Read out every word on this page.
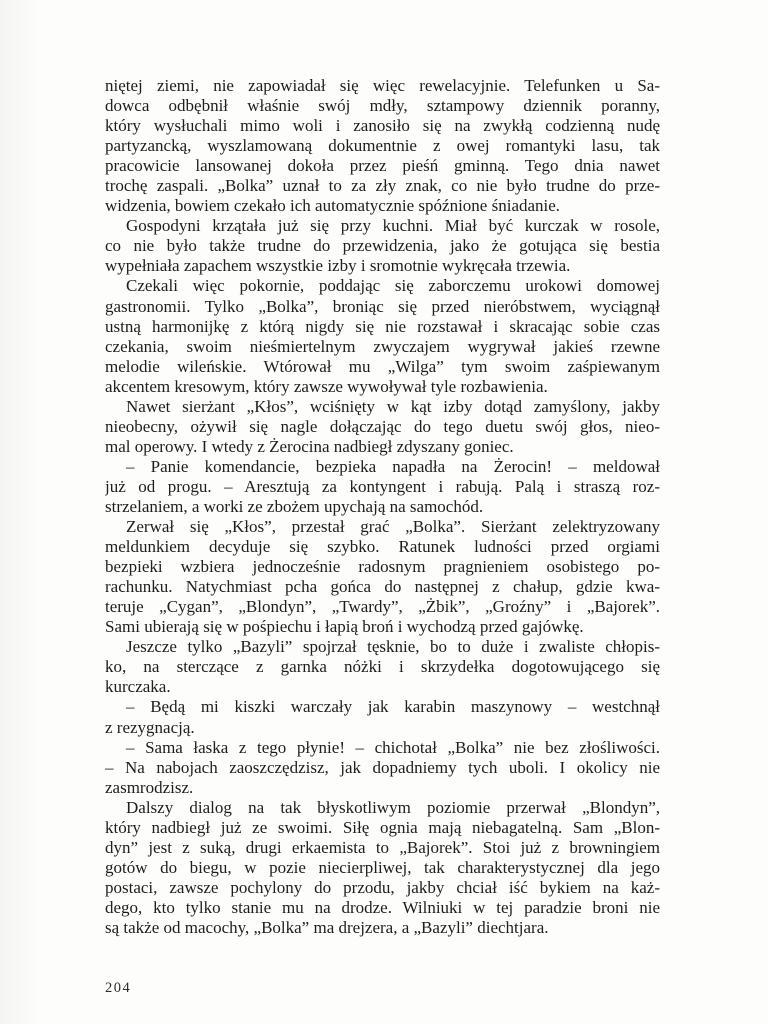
niętej ziemi, nie zapowiadał się więc rewelacyjnie. Telefunken u Sa-
dowca odbębnił właśnie swój mdły, sztampowy dziennik poranny,
który wysłuchali mimo woli i zanosiło się na zwykłą codzienną nudę
partyzancką, wyszlamowaną dokumentnie z owej romantyki lasu, tak
pracowicie lansowanej dokoła przez pieśń gminną. Tego dnia nawet
trochę zaspali. „Bolka” uznał to za zły znak, co nie było trudne do prze-
widzenia, bowiem czekało ich automatycznie spóźnione śniadanie.
Gospodyni krzątała już się przy kuchni. Miał być kurczak w rosole,
co nie było także trudne do przewidzenia, jako że gotująca się bestia
wypełniała zapachem wszystkie izby i sromotnie wykręcała trzewia.
Czekali więc pokornie, poddając się zaborczemu urokowi domowej
gastronomii. Tylko „Bolka”, broniąc się przed nieróbstwem, wyciągnął
ustną harmonijkę z którą nigdy się nie rozstawał i skracając sobie czas
czekania, swoim nieśmiertelnym zwyczajem wygrywał jakieś rzewne
melodie wileńskie. Wtórował mu „Wilga” tym swoim zaśpiewanym
akcentem kresowym, który zawsze wywoływał tyle rozbawienia.
Nawet sierżant „Kłos”, wciśnięty w kąt izby dotąd zamyślony, jakby
nieobecny, ożywił się nagle dołączając do tego duetu swój głos, nieo-
mal operowy. I wtedy z Żerocina nadbiegł zdyszany goniec.
– Panie komendancie, bezpieka napadła na Żerocin! – meldował
już od progu. – Aresztują za kontyngent i rabują. Palą i straszą roz-
strzelaniem, a worki ze zbożem upychają na samochód.
Zerwał się „Kłos”, przestał grać „Bolka”. Sierżant zelektryzowany
meldunkiem decyduje się szybko. Ratunek ludności przed orgiami
bezpieki wzbiera jednocześnie radosnym pragnieniem osobistego po-
rachunku. Natychmiast pcha gońca do następnej z chałup, gdzie kwa-
teruje „Cygan”, „Blondyn”, „Twardy”, „Żbik”, „Groźny” i „Bajorek”.
Sami ubierają się w pośpiechu i łapią broń i wychodzą przed gajówkę.
Jeszcze tylko „Bazyli” spojrzał tęsknie, bo to duże i zwaliste chłopis-
ko, na sterczące z garnka nóżki i skrzydełka dogotowującego się
kurczaka.
– Będą mi kiszki warczały jak karabin maszynowy – westchnął
z rezygnacją.
– Sama łaska z tego płynie! – chichotał „Bolka” nie bez złośliwości.
– Na nabojach zaoszczędzisz, jak dopadniemy tych uboli. I okolicy nie
zasmrodzisz.
Dalszy dialog na tak błyskotliwym poziomie przerwał „Blondyn”,
który nadbiegł już ze swoimi. Siłę ognia mają niebagatelną. Sam „Blon-
dyn” jest z suką, drugi erkaemista to „Bajorek”. Stoi już z browningiem
gotów do biegu, w pozie niecierpliwej, tak charakterystycznej dla jego
postaci, zawsze pochylony do przodu, jakby chciał iść bykiem na każ-
dego, kto tylko stanie mu na drodze. Wilniuki w tej paradzie broni nie
są także od macochy, „Bolka” ma drejzera, a „Bazyli” diechtjara.
204
